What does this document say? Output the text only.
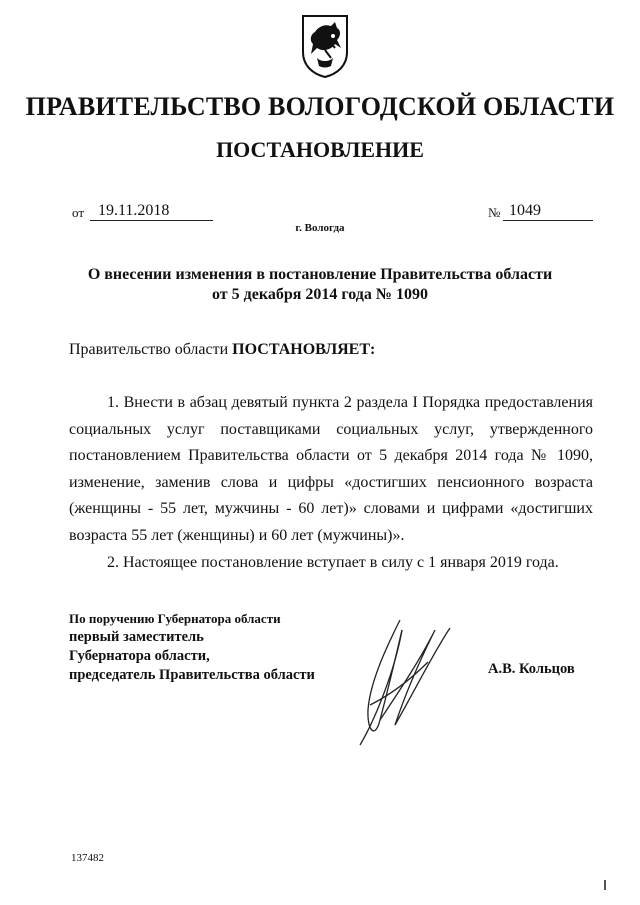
ПРАВИТЕЛЬСТВО ВОЛОГОДСКОЙ ОБЛАСТИ
ПОСТАНОВЛЕНИЕ
от 19.11.2018	№ 1049
г. Вологда
О внесении изменения в постановление Правительства области
от 5 декабря 2014 года № 1090
Правительство области ПОСТАНОВЛЯЕТ:

1. Внести в абзац девятый пункта 2 раздела I Порядка предоставления социальных услуг поставщиками социальных услуг, утвержденного постановлением Правительства области от 5 декабря 2014 года № 1090, изменение, заменив слова и цифры «достигших пенсионного возраста (женщины - 55 лет, мужчины - 60 лет)» словами и цифрами «достигших возраста 55 лет (женщины) и 60 лет (мужчины)».

2. Настоящее постановление вступает в силу с 1 января 2019 года.

По поручению Губернатора области
первый заместитель
Губернатора области,
председатель Правительства области	А.В. Кольцов
137482
